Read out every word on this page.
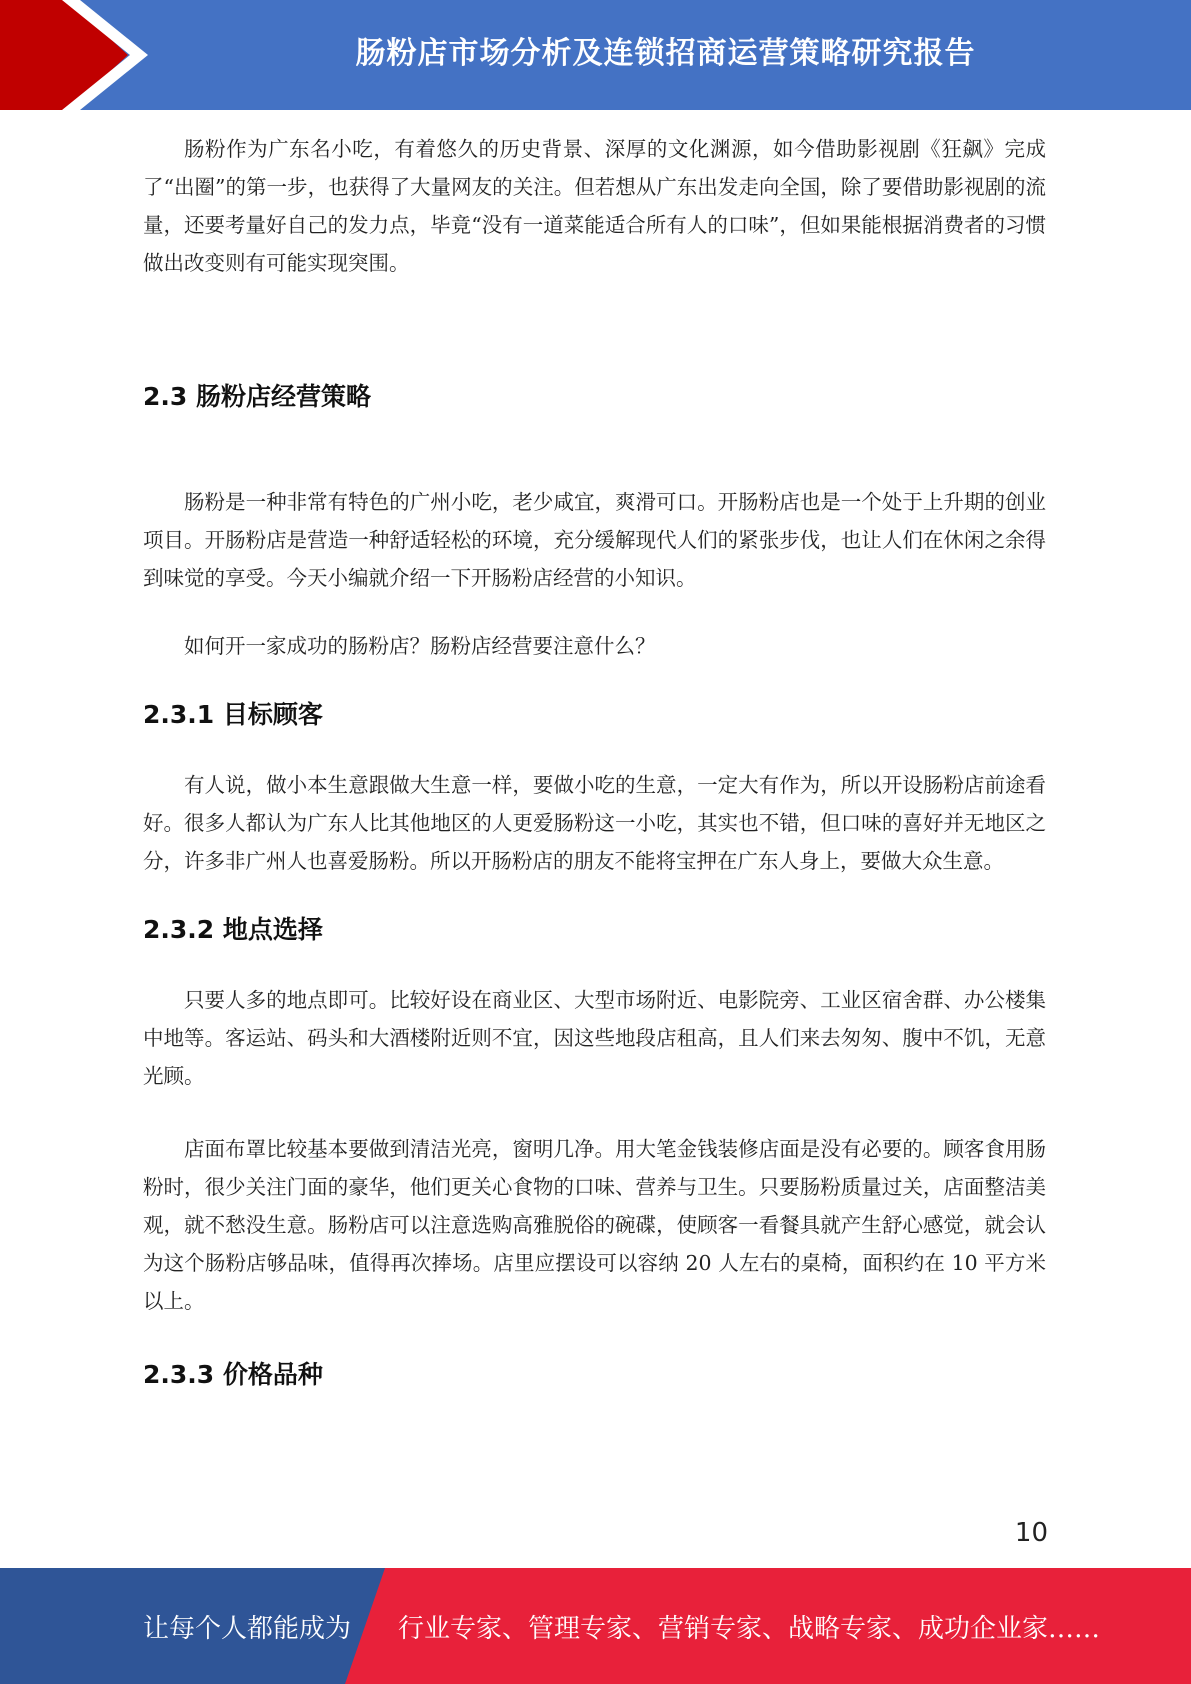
肠粉店市场分析及连锁招商运营策略研究报告

肠粉作为广东名小吃，有着悠久的历史背景、深厚的文化渊源，如今借助影视剧《狂飙》完成了“出圈”的第一步，也获得了大量网友的关注。但若想从广东出发走向全国，除了要借助影视剧的流量，还要考量好自己的发力点，毕竟“没有一道菜能适合所有人的口味”，但如果能根据消费者的习惯做出改变则有可能实现突围。

2.3 肠粉店经营策略

肠粉是一种非常有特色的广州小吃，老少咸宜，爽滑可口。开肠粉店也是一个处于上升期的创业项目。开肠粉店是营造一种舒适轻松的环境，充分缓解现代人们的紧张步伐，也让人们在休闲之余得到味觉的享受。今天小编就介绍一下开肠粉店经营的小知识。

如何开一家成功的肠粉店？肠粉店经营要注意什么？

2.3.1 目标顾客

有人说，做小本生意跟做大生意一样，要做小吃的生意，一定大有作为，所以开设肠粉店前途看好。很多人都认为广东人比其他地区的人更爱肠粉这一小吃，其实也不错，但口味的喜好并无地区之分，许多非广州人也喜爱肠粉。所以开肠粉店的朋友不能将宝押在广东人身上，要做大众生意。

2.3.2 地点选择

只要人多的地点即可。比较好设在商业区、大型市场附近、电影院旁、工业区宿舍群、办公楼集中地等。客运站、码头和大酒楼附近则不宜，因这些地段店租高，且人们来去匆匆、腹中不饥，无意光顾。

店面布罩比较基本要做到清洁光亮，窗明几净。用大笔金钱装修店面是没有必要的。顾客食用肠粉时，很少关注门面的豪华，他们更关心食物的口味、营养与卫生。只要肠粉质量过关，店面整洁美观，就不愁没生意。肠粉店可以注意选购高雅脱俗的碗碟，使顾客一看餐具就产生舒心感觉，就会认为这个肠粉店够品味，值得再次捧场。店里应摆设可以容纳 20 人左右的桌椅，面积约在 10 平方米以上。

2.3.3 价格品种
10
让每个人都能成为 行业专家、管理专家、营销专家、战略专家、成功企业家……
